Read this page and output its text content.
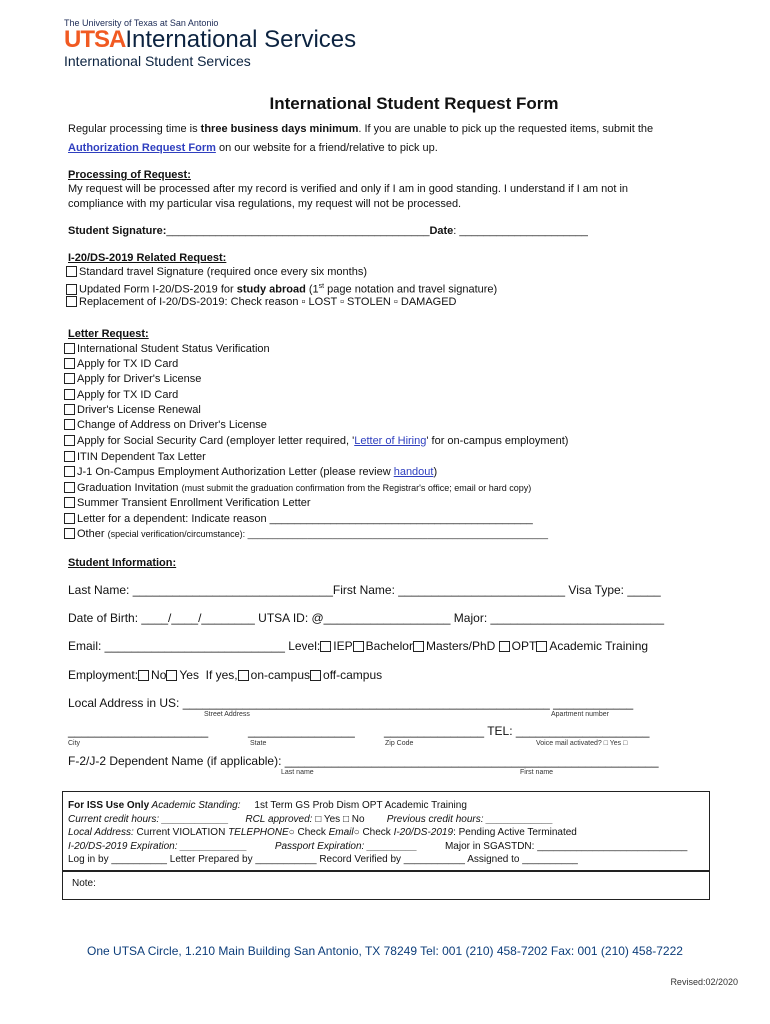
The University of Texas at San Antonio
UTSAInternational Services
International Student Services
International Student Request Form
Regular processing time is three business days minimum. If you are unable to pick up the requested items, submit the
Authorization Request Form on our website for a friend/relative to pick up.
Processing of Request:
My request will be processed after my record is verified and only if I am in good standing. I understand if I am not in
compliance with my particular visa regulations, my request will not be processed.
Student Signature:___________________________________________Date: _____________________
I-20/DS-2019 Related Request:
Standard travel Signature (required once every six months)
Updated Form I-20/DS-2019 for study abroad (1st page notation and travel signature)
Replacement of I-20/DS-2019: Check reason ▫ LOST ▫ STOLEN ▫ DAMAGED
Letter Request:
International Student Status Verification
Apply for TX ID Card
Apply for Driver's License
Apply for TX ID Card
Driver's License Renewal
Change of Address on Driver's License
Apply for Social Security Card (employer letter required, 'Letter of Hiring' for on-campus employment)
ITIN Dependent Tax Letter
J-1 On-Campus Employment Authorization Letter (please review handout)
Graduation Invitation (must submit the graduation confirmation from the Registrar's office; email or hard copy)
Summer Transient Enrollment Verification Letter
Letter for a dependent: Indicate reason ___________________________________________
Other (special verification/circumstance): ____________________________________________________________
Student Information:
Last Name: ______________________________First Name: _________________________ Visa Type: _____
Date of Birth: ____/____/________ UTSA ID: @___________________ Major: __________________________
Email: ___________________________ Level: IEP Bachelor Masters/PhD OPT Academic Training
Employment: No Yes If yes, on-campus off-campus
Local Address in US: _______________________________________________________ ____________
Street Address	Apartment number
_____________________	________________ _______________ TEL: ____________________
City	State	Zip Code	Voice mail activated? □ Yes □
F-2/J-2 Dependent Name (if applicable): ________________________________________________________
Last name	First name
For ISS Use Only Academic Standing: 1st Term GS Prob Dism OPT Academic Training
Current credit hours: ____________ RCL approved: □ Yes □ No Previous credit hours: ____________
Local Address: Current VIOLATION TELEPHONE○ Check Email○ Check I-20/DS-2019: Pending Active Terminated
I-20/DS-2019 Expiration: ____________	Passport Expiration: _________	Major in SGASTDN: ___________________________
Log in by __________ Letter Prepared by ___________ Record Verified by ___________ Assigned to __________
Note:
One UTSA Circle, 1.210 Main Building San Antonio, TX 78249 Tel: 001 (210) 458-7202 Fax: 001 (210) 458-7222
Revised:02/2020
